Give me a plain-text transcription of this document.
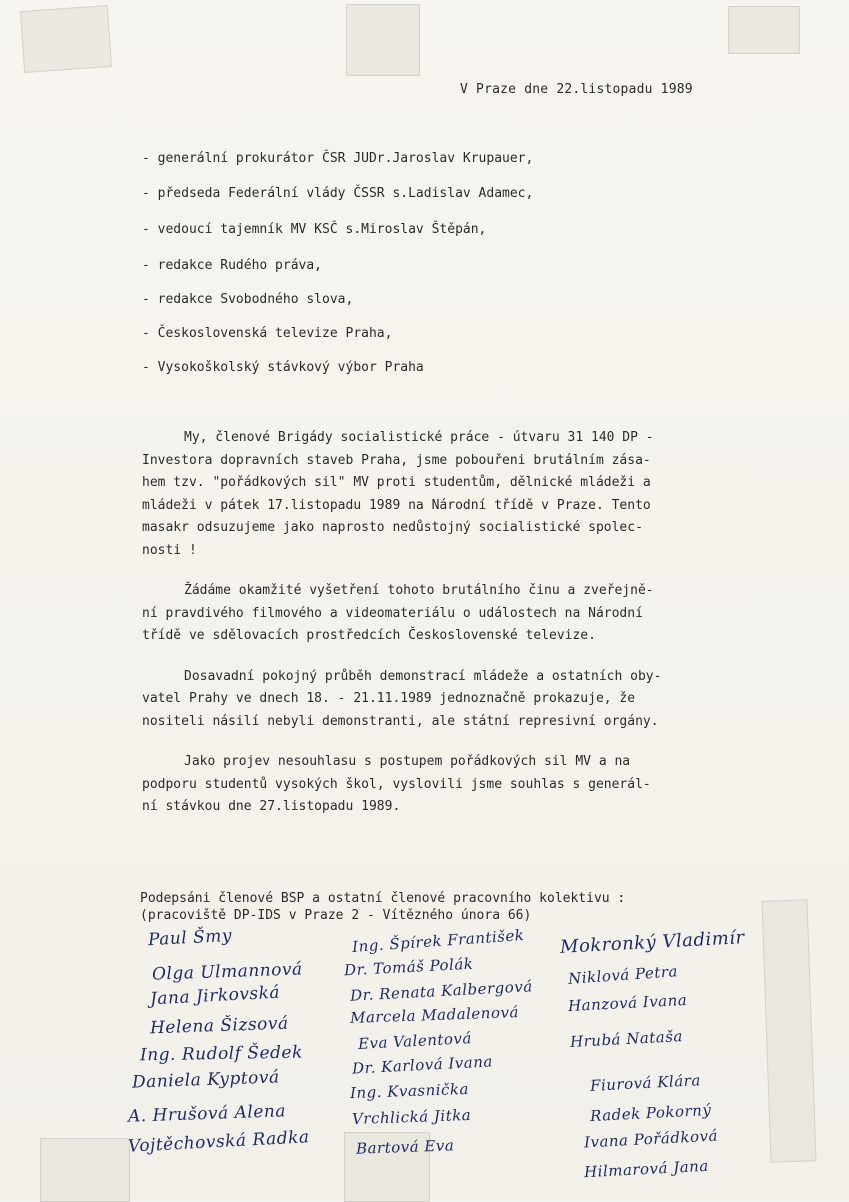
V Praze dne 22.listopadu 1989
- generální prokurátor ČSR JUDr.Jaroslav Krupauer,
- předseda Federální vlády ČSSR s.Ladislav Adamec,
- vedoucí tajemník MV KSČ s.Miroslav Štěpán,
- redakce Rudého práva,
- redakce Svobodného slova,
- Československá televize Praha,
- Vysokoškolský stávkový výbor Praha
My, členové Brigády socialistické práce - útvaru 31 140 DP -
Investora dopravních staveb Praha, jsme pobouřeni brutálním zása-
hem tzv. "pořádkových sil" MV proti studentům, dělnické mládeži a
mládeži v pátek 17.listopadu 1989 na Národní třídě v Praze. Tento
masakr odsuzujeme jako naprosto nedůstojný socialistické spolec-
nosti !
Žádáme okamžité vyšetření tohoto brutálního činu a zveřejně-
ní pravdivého filmového a videomateriálu o událostech na Národní
třídě ve sdělovacích prostředcích Československé televize.
Dosavadní pokojný průběh demonstrací mládeže a ostatních oby-
vatel Prahy ve dnech 18. - 21.11.1989 jednoznačně prokazuje, že
nositeli násilí nebyli demonstranti, ale státní represivní orgány.
Jako projev nesouhlasu s postupem pořádkových sil MV a na
podporu studentů vysokých škol, vyslovili jsme souhlas s generál-
ní stávkou dne 27.listopadu 1989.
Podepsáni členové BSP a ostatní členové pracovního kolektivu :
(pracoviště DP-IDS v Praze 2 - Vítězného února 66)
Paul Šmy
Olga Ulmannová
Jana Jirkovská
Helena Šizsová
Ing. Rudolf Šedek
Daniela Kyptová
A. Hrušová Alena
Vojtěchovská Radka
Ing. Špírek František
Dr. Tomáš Polák
Dr. Renata Kalbergová
Marcela Madalenová
Eva Valentová
Dr. Karlová Ivana
Ing. Kvasnička
Vrchlická Jitka
Bartová Eva
Mokronký Vladimír
Niklová Petra
Hanzová Ivana
Hrubá Nataša
Fiurová Klára
Ivana Pořádková
Radek Pokorný
Hilmarová Jana
